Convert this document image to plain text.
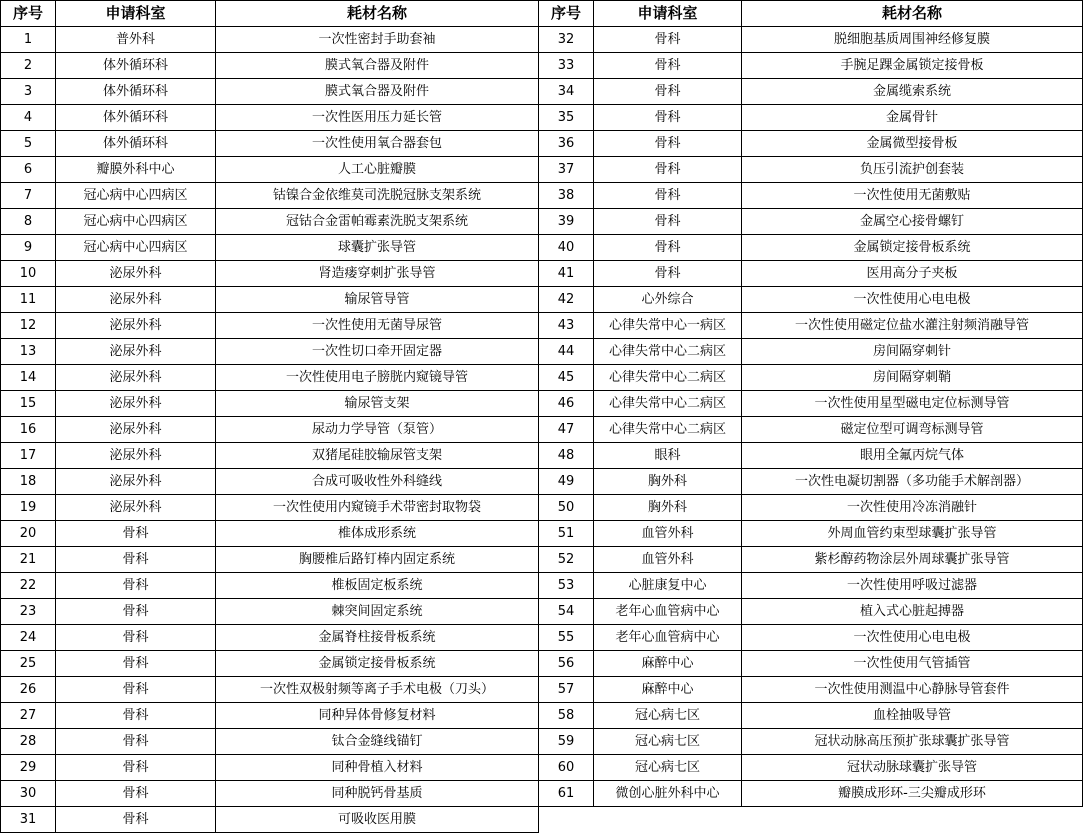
序号	申请科室	耗材名称	序号	申请科室	耗材名称
1	普外科	一次性密封手助套袖	32	骨科	脱细胞基质周围神经修复膜
2	体外循环科	膜式氧合器及附件	33	骨科	手腕足踝金属锁定接骨板
3	体外循环科	膜式氧合器及附件	34	骨科	金属缆索系统
4	体外循环科	一次性医用压力延长管	35	骨科	金属骨针
5	体外循环科	一次性使用氧合器套包	36	骨科	金属微型接骨板
6	瓣膜外科中心	人工心脏瓣膜	37	骨科	负压引流护创套装
7	冠心病中心四病区	钴镍合金依维莫司洗脱冠脉支架系统	38	骨科	一次性使用无菌敷贴
8	冠心病中心四病区	冠钴合金雷帕霉素洗脱支架系统	39	骨科	金属空心接骨螺钉
9	冠心病中心四病区	球囊扩张导管	40	骨科	金属锁定接骨板系统
10	泌尿外科	肾造瘘穿刺扩张导管	41	骨科	医用高分子夹板
11	泌尿外科	输尿管导管	42	心外综合	一次性使用心电电极
12	泌尿外科	一次性使用无菌导尿管	43	心律失常中心一病区	一次性使用磁定位盐水灌注射频消融导管
13	泌尿外科	一次性切口牵开固定器	44	心律失常中心二病区	房间隔穿刺针
14	泌尿外科	一次性使用电子膀胱内窥镜导管	45	心律失常中心二病区	房间隔穿刺鞘
15	泌尿外科	输尿管支架	46	心律失常中心二病区	一次性使用星型磁电定位标测导管
16	泌尿外科	尿动力学导管（泵管）	47	心律失常中心二病区	磁定位型可调弯标测导管
17	泌尿外科	双猪尾硅胶输尿管支架	48	眼科	眼用全氟丙烷气体
18	泌尿外科	合成可吸收性外科缝线	49	胸外科	一次性电凝切割器（多功能手术解剖器）
19	泌尿外科	一次性使用内窥镜手术带密封取物袋	50	胸外科	一次性使用冷冻消融针
20	骨科	椎体成形系统	51	血管外科	外周血管约束型球囊扩张导管
21	骨科	胸腰椎后路钉棒内固定系统	52	血管外科	紫杉醇药物涂层外周球囊扩张导管
22	骨科	椎板固定板系统	53	心脏康复中心	一次性使用呼吸过滤器
23	骨科	棘突间固定系统	54	老年心血管病中心	植入式心脏起搏器
24	骨科	金属脊柱接骨板系统	55	老年心血管病中心	一次性使用心电电极
25	骨科	金属锁定接骨板系统	56	麻醉中心	一次性使用气管插管
26	骨科	一次性双极射频等离子手术电极（刀头）	57	麻醉中心	一次性使用测温中心静脉导管套件
27	骨科	同种异体骨修复材料	58	冠心病七区	血栓抽吸导管
28	骨科	钛合金缝线锚钉	59	冠心病七区	冠状动脉高压预扩张球囊扩张导管
29	骨科	同种骨植入材料	60	冠心病七区	冠状动脉球囊扩张导管
30	骨科	同种脱钙骨基质	61	微创心脏外科中心	瓣膜成形环-三尖瓣成形环
31	骨科	可吸收医用膜			
